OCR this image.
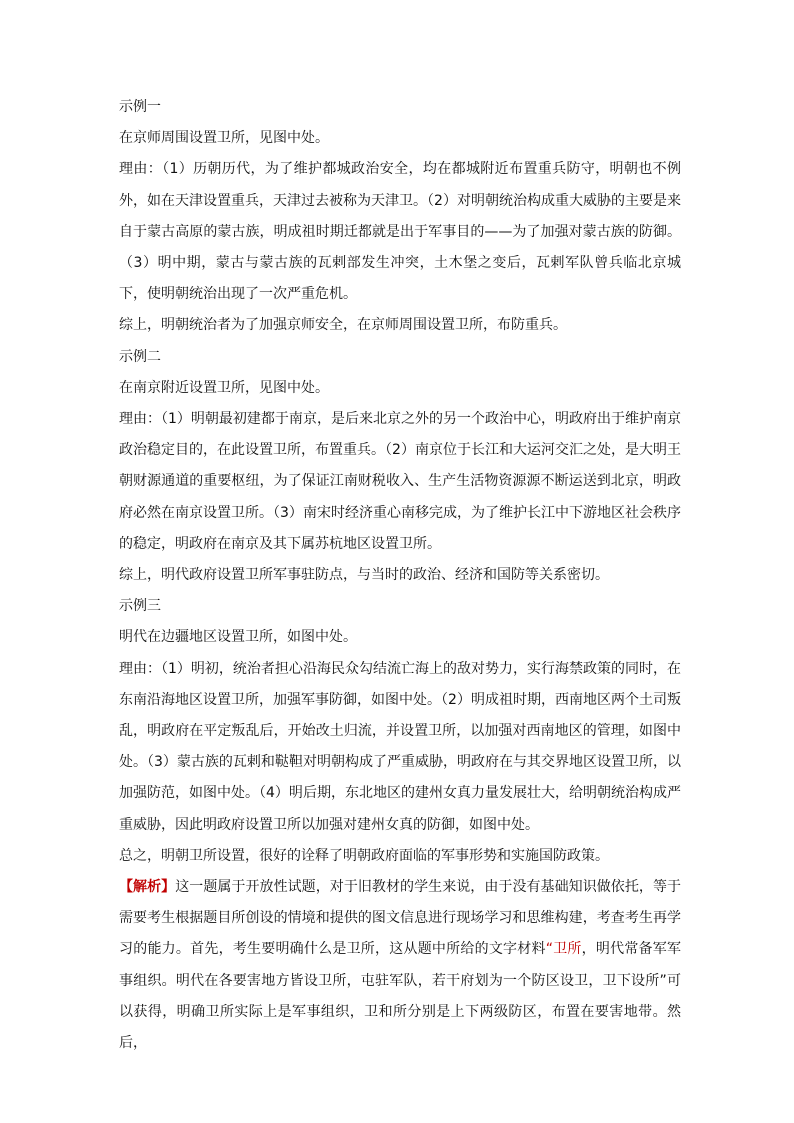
示例一

在京师周围设置卫所，见图中处。

理由：（1）历朝历代，为了维护都城政治安全，均在都城附近布置重兵防守，明朝也不例外，如在天津设置重兵，天津过去被称为天津卫。（2）对明朝统治构成重大威胁的主要是来自于蒙古高原的蒙古族，明成祖时期迁都就是出于军事目的——为了加强对蒙古族的防御。（3）明中期，蒙古与蒙古族的瓦剌部发生冲突，土木堡之变后，瓦剌军队曾兵临北京城下，使明朝统治出现了一次严重危机。

综上，明朝统治者为了加强京师安全，在京师周围设置卫所，布防重兵。

示例二

在南京附近设置卫所，见图中处。

理由：（1）明朝最初建都于南京，是后来北京之外的另一个政治中心，明政府出于维护南京政治稳定目的，在此设置卫所，布置重兵。（2）南京位于长江和大运河交汇之处，是大明王朝财源通道的重要枢纽，为了保证江南财税收入、生产生活物资源源不断运送到北京，明政府必然在南京设置卫所。（3）南宋时经济重心南移完成，为了维护长江中下游地区社会秩序的稳定，明政府在南京及其下属苏杭地区设置卫所。

综上，明代政府设置卫所军事驻防点，与当时的政治、经济和国防等关系密切。

示例三

明代在边疆地区设置卫所，如图中处。

理由：（1）明初，统治者担心沿海民众勾结流亡海上的敌对势力，实行海禁政策的同时，在东南沿海地区设置卫所，加强军事防御，如图中处。（2）明成祖时期，西南地区两个土司叛乱，明政府在平定叛乱后，开始改土归流，并设置卫所，以加强对西南地区的管理，如图中处。（3）蒙古族的瓦剌和鞑靼对明朝构成了严重威胁，明政府在与其交界地区设置卫所，以加强防范，如图中处。（4）明后期，东北地区的建州女真力量发展壮大，给明朝统治构成严重威胁，因此明政府设置卫所以加强对建州女真的防御，如图中处。

总之，明朝卫所设置，很好的诠释了明朝政府面临的军事形势和实施国防政策。

【解析】这一题属于开放性试题，对于旧教材的学生来说，由于没有基础知识做依托，等于需要考生根据题目所创设的情境和提供的图文信息进行现场学习和思维构建，考查考生再学习的能力。首先，考生要明确什么是卫所，这从题中所给的文字材料“卫所，明代常备军军事组织。明代在各要害地方皆设卫所，屯驻军队，若干府划为一个防区设卫，卫下设所”可以获得，明确卫所实际上是军事组织，卫和所分别是上下两级防区，布置在要害地带。然后，
